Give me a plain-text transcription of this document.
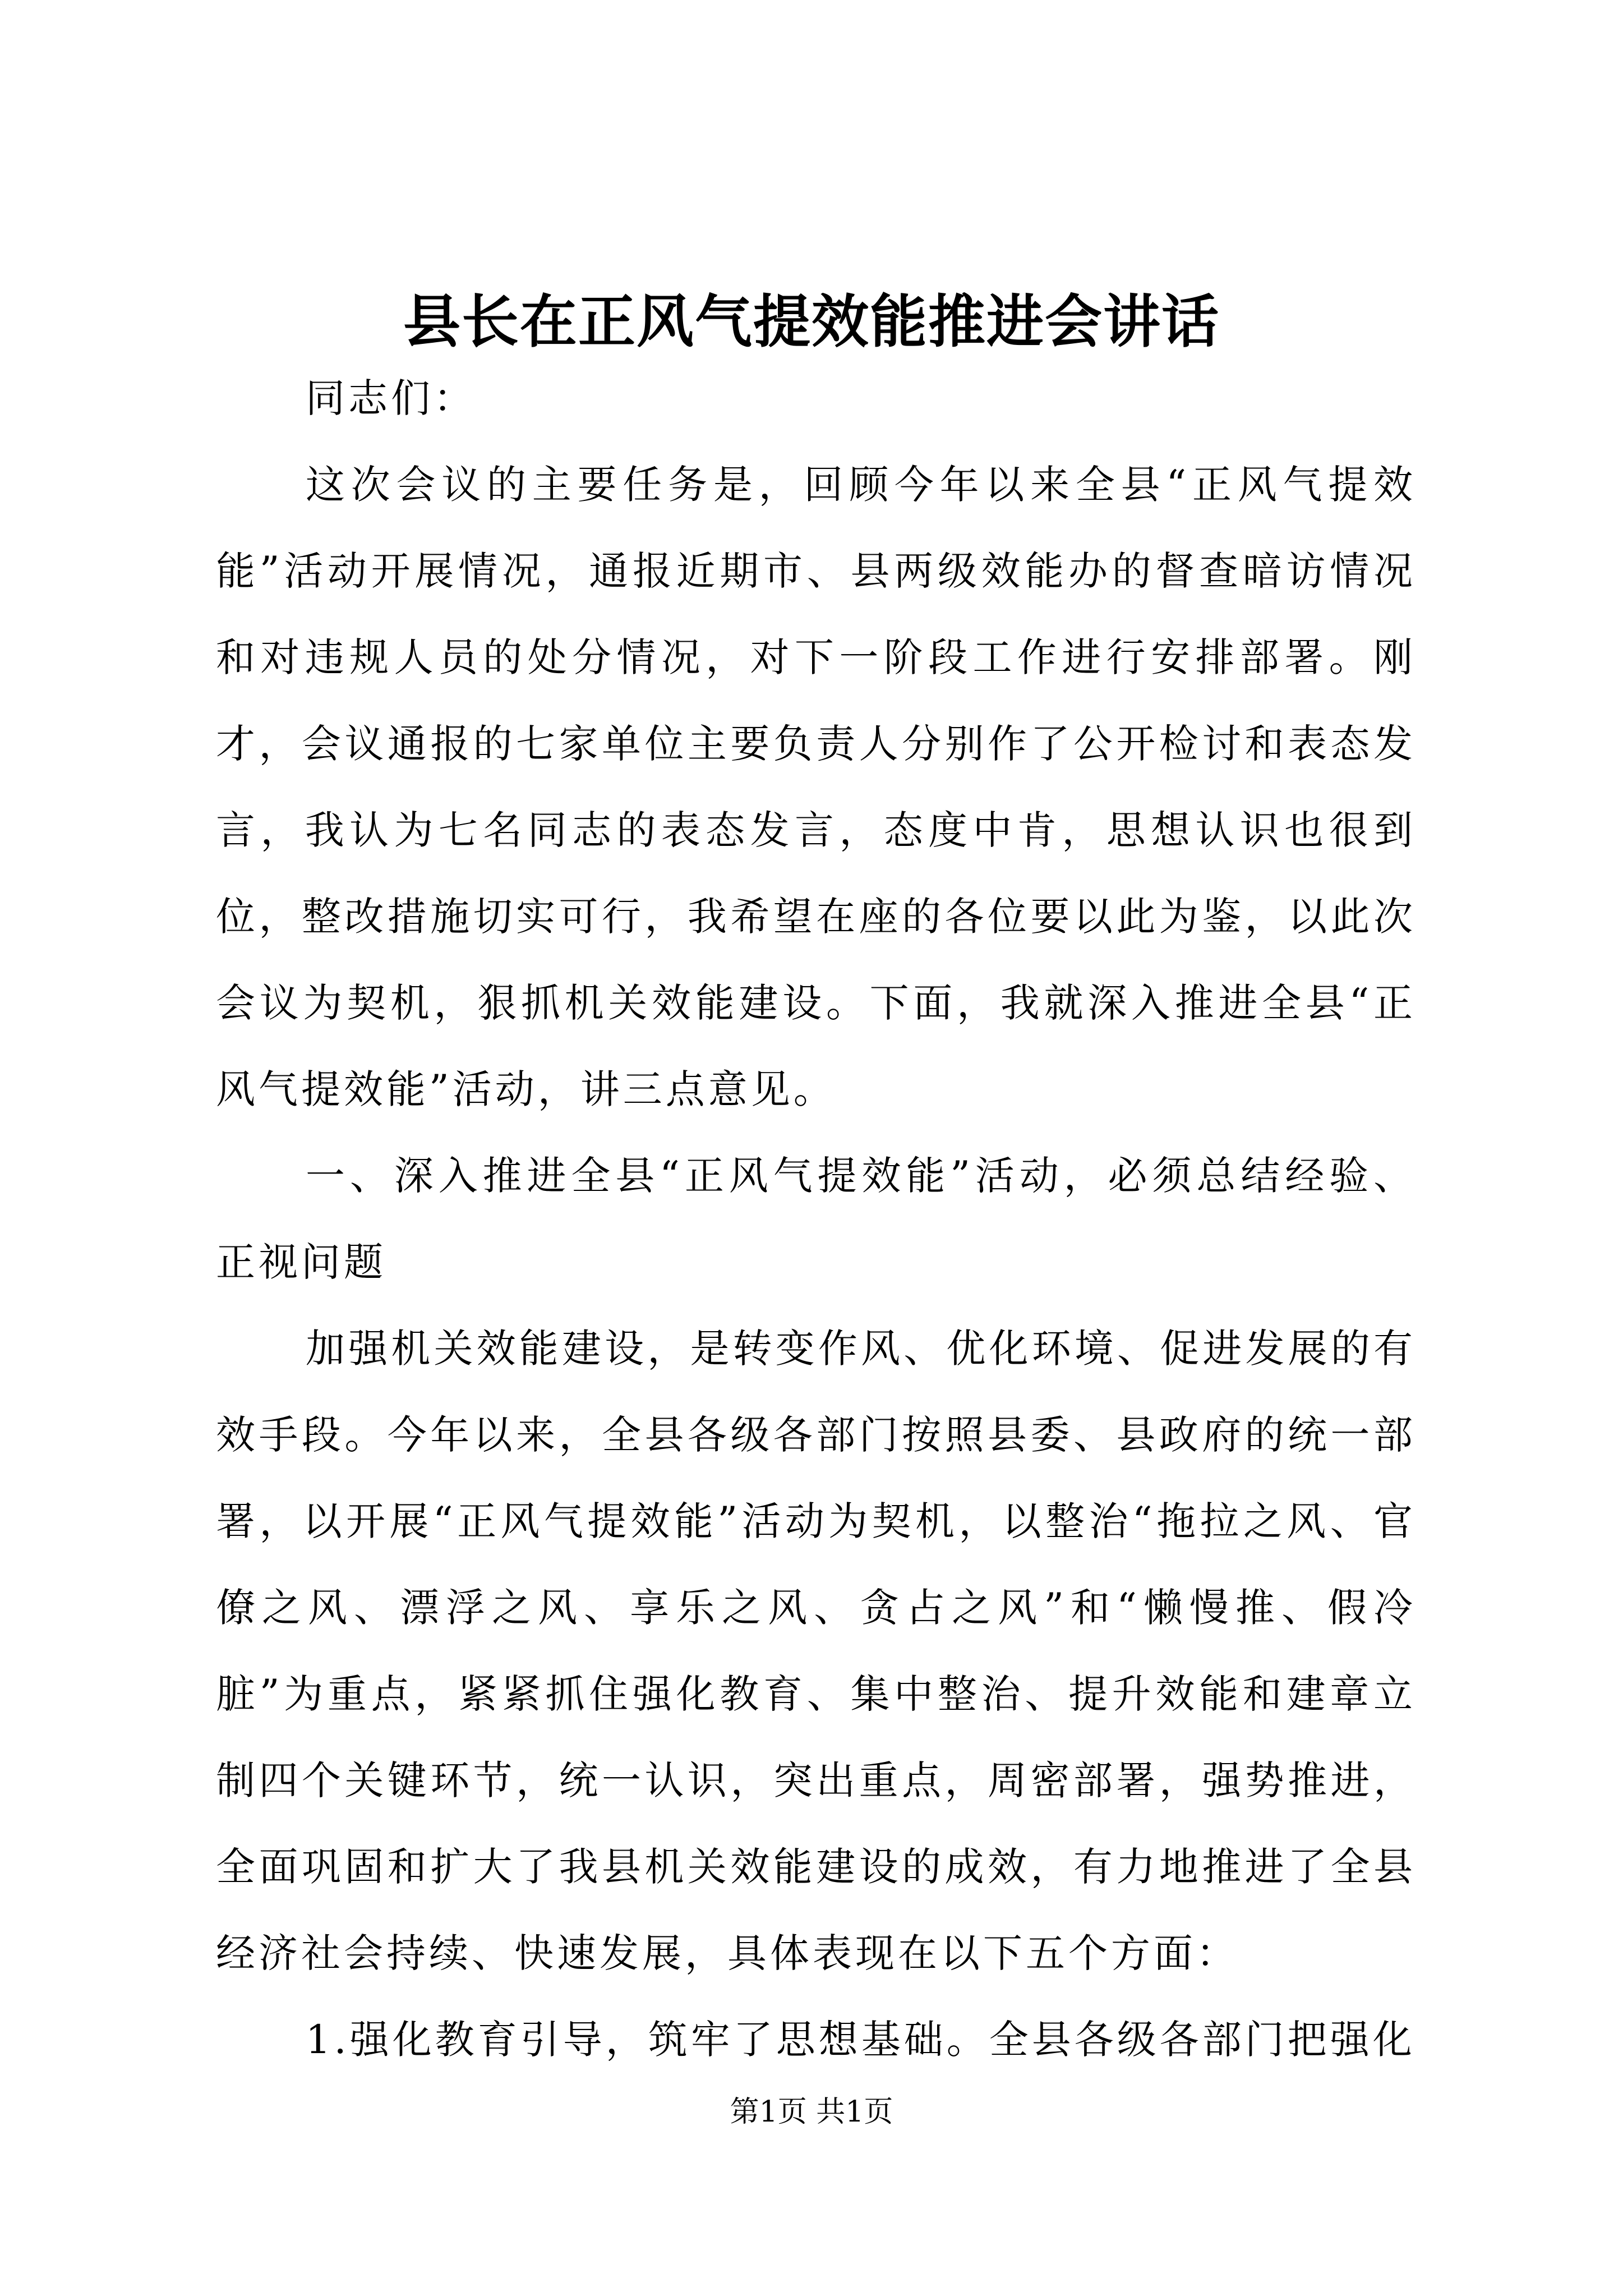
县长在正风气提效能推进会讲话

同志们：

这次会议的主要任务是，回顾今年以来全县“正风气提效能”活动开展情况，通报近期市、县两级效能办的督查暗访情况和对违规人员的处分情况，对下一阶段工作进行安排部署。刚才，会议通报的七家单位主要负责人分别作了公开检讨和表态发言，我认为七名同志的表态发言，态度中肯，思想认识也很到位，整改措施切实可行，我希望在座的各位要以此为鉴，以此次会议为契机，狠抓机关效能建设。下面，我就深入推进全县“正风气提效能”活动，讲三点意见。

一、深入推进全县“正风气提效能”活动，必须总结经验、正视问题

加强机关效能建设，是转变作风、优化环境、促进发展的有效手段。今年以来，全县各级各部门按照县委、县政府的统一部署，以开展“正风气提效能”活动为契机，以整治“拖拉之风、官僚之风、漂浮之风、享乐之风、贪占之风”和“懒慢推、假冷脏”为重点，紧紧抓住强化教育、集中整治、提升效能和建章立制四个关键环节，统一认识，突出重点，周密部署，强势推进，全面巩固和扩大了我县机关效能建设的成效，有力地推进了全县经济社会持续、快速发展，具体表现在以下五个方面：

1.强化教育引导，筑牢了思想基础。全县各级各部门把强化

第1页 共1页
